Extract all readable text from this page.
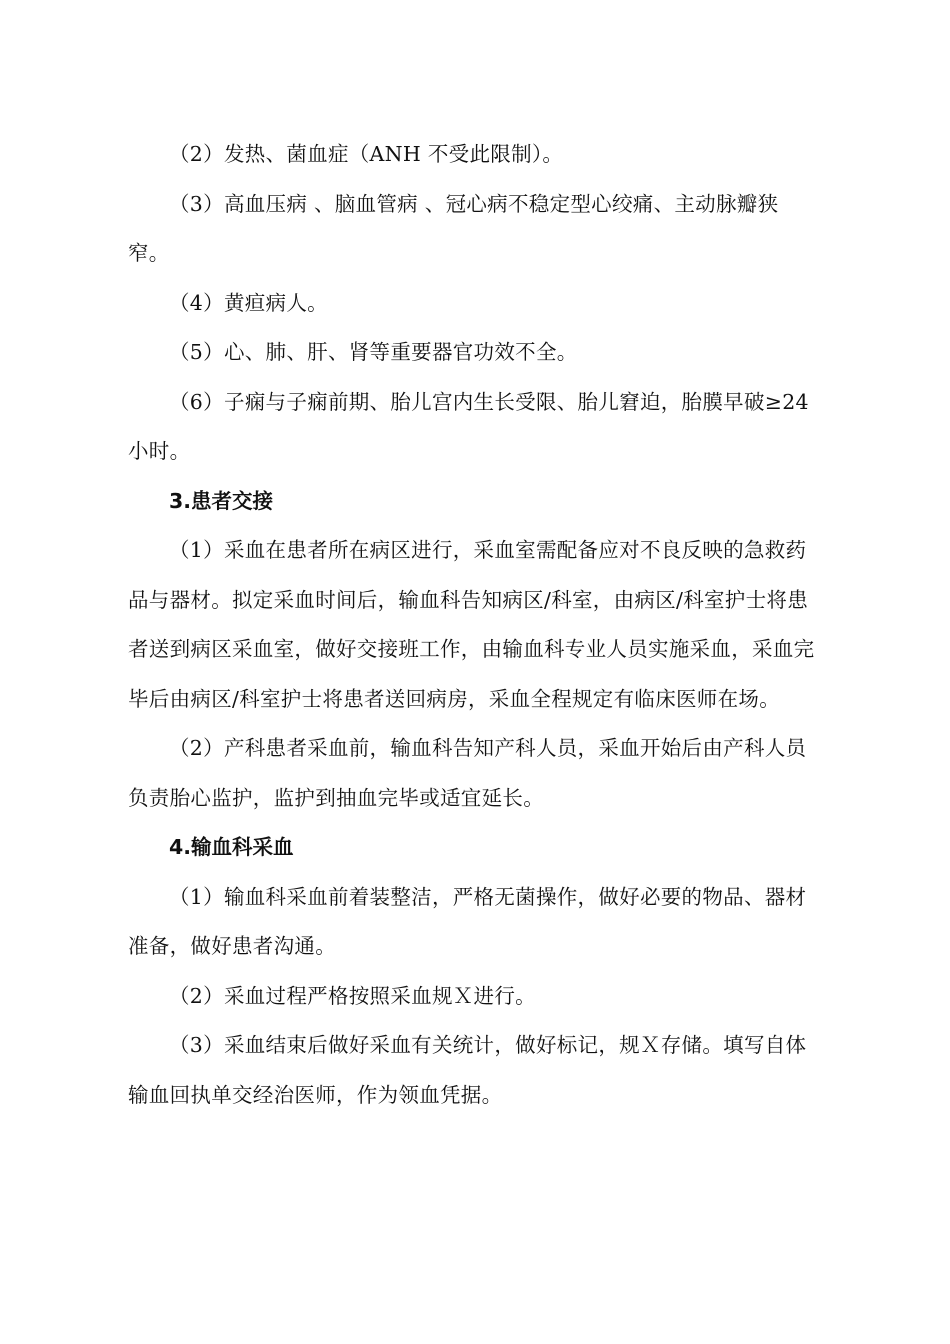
（2）发热、菌血症（ANH 不受此限制）。

（3）高血压病 、脑血管病 、冠心病不稳定型心绞痛、主动脉瓣狭窄。

（4）黄疸病人。

（5）心、肺、肝、肾等重要器官功效不全。

（6）子痫与子痫前期、胎儿宫内生长受限、胎儿窘迫，胎膜早破≥24 小时。

3.患者交接

（1）采血在患者所在病区进行，采血室需配备应对不良反映的急救药品与器材。拟定采血时间后，输血科告知病区/科室，由病区/科室护士将患者送到病区采血室，做好交接班工作，由输血科专业人员实施采血，采血完毕后由病区/科室护士将患者送回病房，采血全程规定有临床医师在场。

（2）产科患者采血前，输血科告知产科人员，采血开始后由产科人员负责胎心监护，监护到抽血完毕或适宜延长。

4.输血科采血

（1）输血科采血前着装整洁，严格无菌操作，做好必要的物品、器材准备，做好患者沟通。

（2）采血过程严格按照采血规Ｘ进行。

（3）采血结束后做好采血有关统计，做好标记，规Ｘ存储。填写自体输血回执单交经治医师，作为领血凭据。
